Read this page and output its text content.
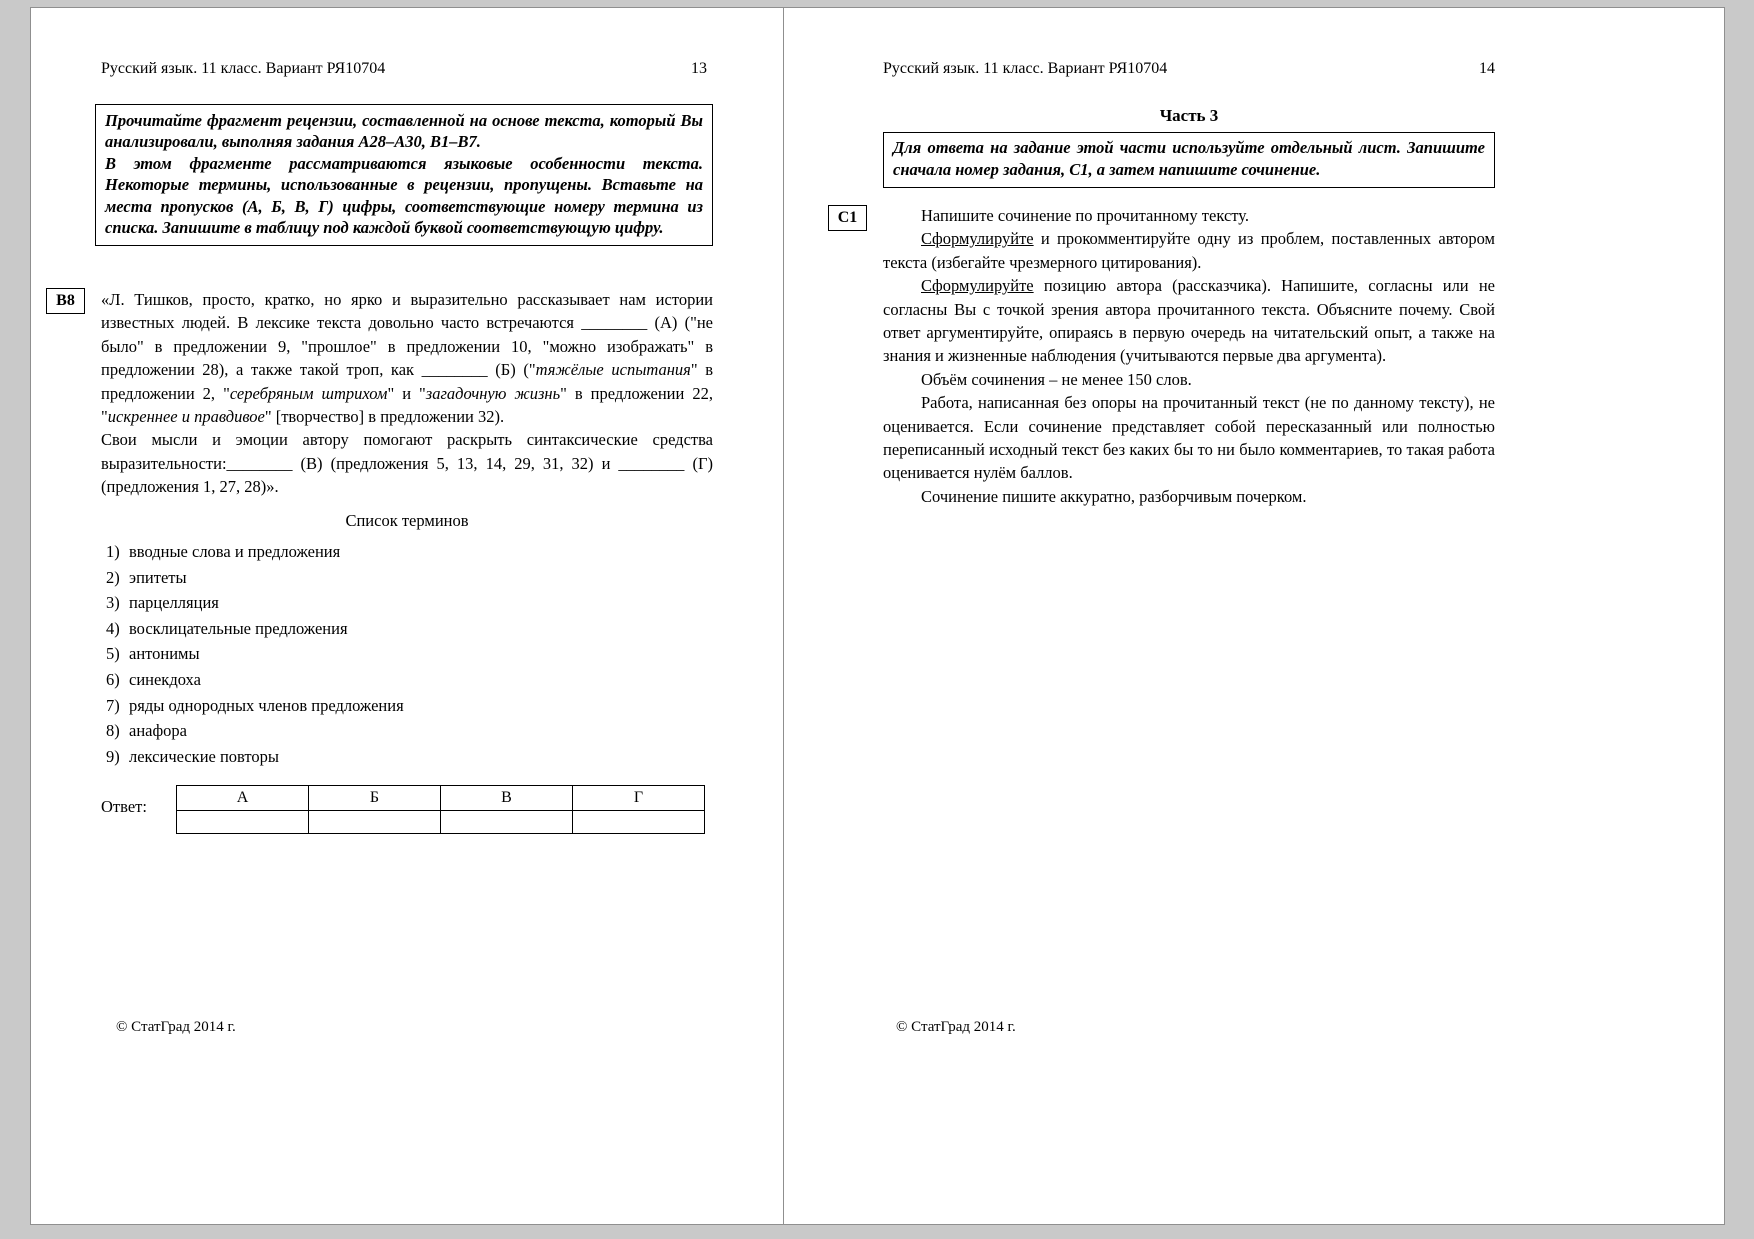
Русский язык. 11 класс. Вариант РЯ10704	13

Прочитайте фрагмент рецензии, составленной на основе текста, который Вы анализировали, выполняя задания А28–А30, В1–В7.

В этом фрагменте рассматриваются языковые особенности текста. Некоторые термины, использованные в рецензии, пропущены. Вставьте на места пропусков (А, Б, В, Г) цифры, соответствующие номеру термина из списка. Запишите в таблицу под каждой буквой соответствующую цифру.

В8	«Л. Тишков, просто, кратко, но ярко и выразительно рассказывает нам истории известных людей. В лексике текста довольно часто встречаются ________ (А) ("не было" в предложении 9, "прошлое" в предложении 10, "можно изображать" в предложении 28), а также такой троп, как ________ (Б) ("тяжёлые испытания" в предложении 2, "серебряным штрихом" и "загадочную жизнь" в предложении 22, "искреннее и правдивое" [творчество] в предложении 32).

Свои мысли и эмоции автору помогают раскрыть синтаксические средства выразительности:________ (В) (предложения 5, 13, 14, 29, 31, 32) и ________ (Г) (предложения 1, 27, 28)».

Список терминов
1) вводные слова и предложения
2) эпитеты
3) парцелляция
4) восклицательные предложения
5) антонимы
6) синекдоха
7) ряды однородных членов предложения
8) анафора
9) лексические повторы
Ответ:	А	Б	В	Г

© СтатГрад 2014 г.
Русский язык. 11 класс. Вариант РЯ10704	14
С1
Часть 3

Для ответа на задание этой части используйте отдельный лист. Запишите сначала номер задания, С1, а затем напишите сочинение.

Напишите сочинение по прочитанному тексту.

Сформулируйте и прокомментируйте одну из проблем, поставленных автором текста (избегайте чрезмерного цитирования).

Сформулируйте позицию автора (рассказчика). Напишите, согласны или не согласны Вы с точкой зрения автора прочитанного текста. Объясните почему. Свой ответ аргументируйте, опираясь в первую очередь на читательский опыт, а также на знания и жизненные наблюдения (учитываются первые два аргумента).

Объём сочинения – не менее 150 слов.

Работа, написанная без опоры на прочитанный текст (не по данному тексту), не оценивается. Если сочинение представляет собой пересказанный или полностью переписанный исходный текст без каких бы то ни было комментариев, то такая работа оценивается нулём баллов.

Сочинение пишите аккуратно, разборчивым почерком.

© СтатГрад 2014 г.
